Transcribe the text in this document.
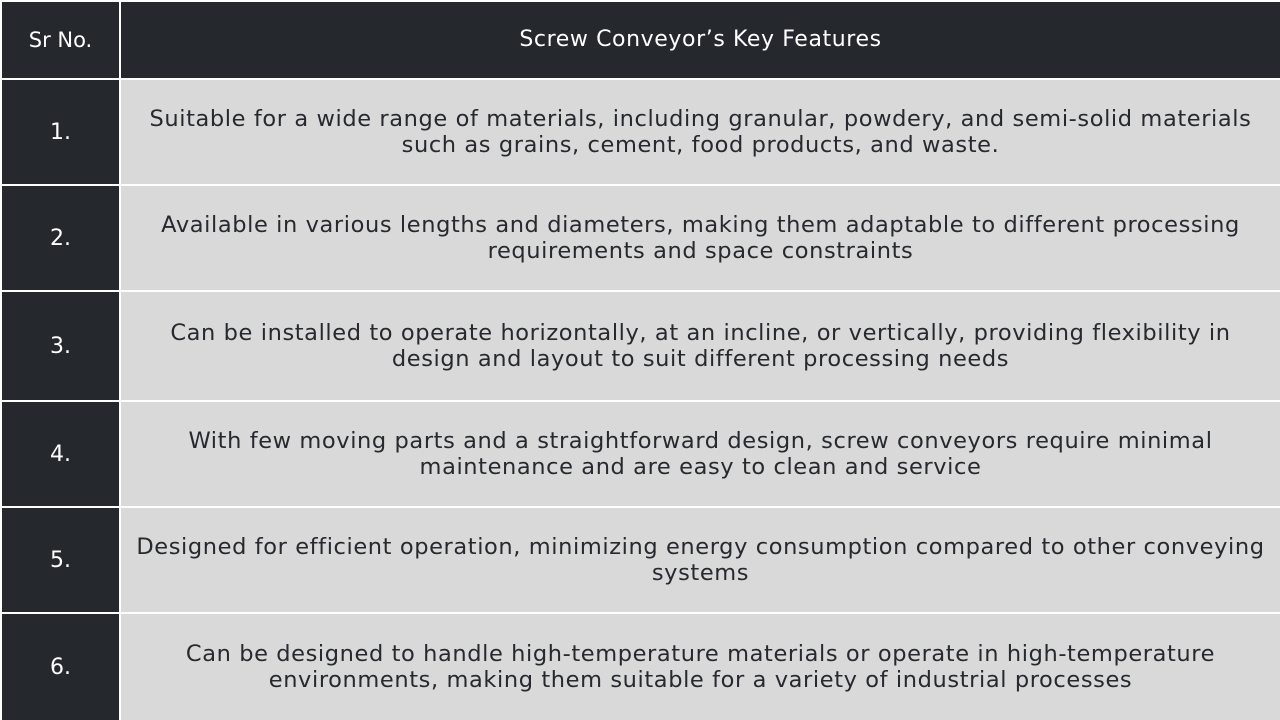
Sr No.	Screw Conveyor’s Key Features
1.	Suitable for a wide range of materials, including granular, powdery, and semi-solid materials such as grains, cement, food products, and waste.
2.	Available in various lengths and diameters, making them adaptable to different processing requirements and space constraints
3.	Can be installed to operate horizontally, at an incline, or vertically, providing flexibility in design and layout to suit different processing needs
4.	With few moving parts and a straightforward design, screw conveyors require minimal maintenance and are easy to clean and service
5.	Designed for efficient operation, minimizing energy consumption compared to other conveying systems
6.	Can be designed to handle high-temperature materials or operate in high-temperature environments, making them suitable for a variety of industrial processes
